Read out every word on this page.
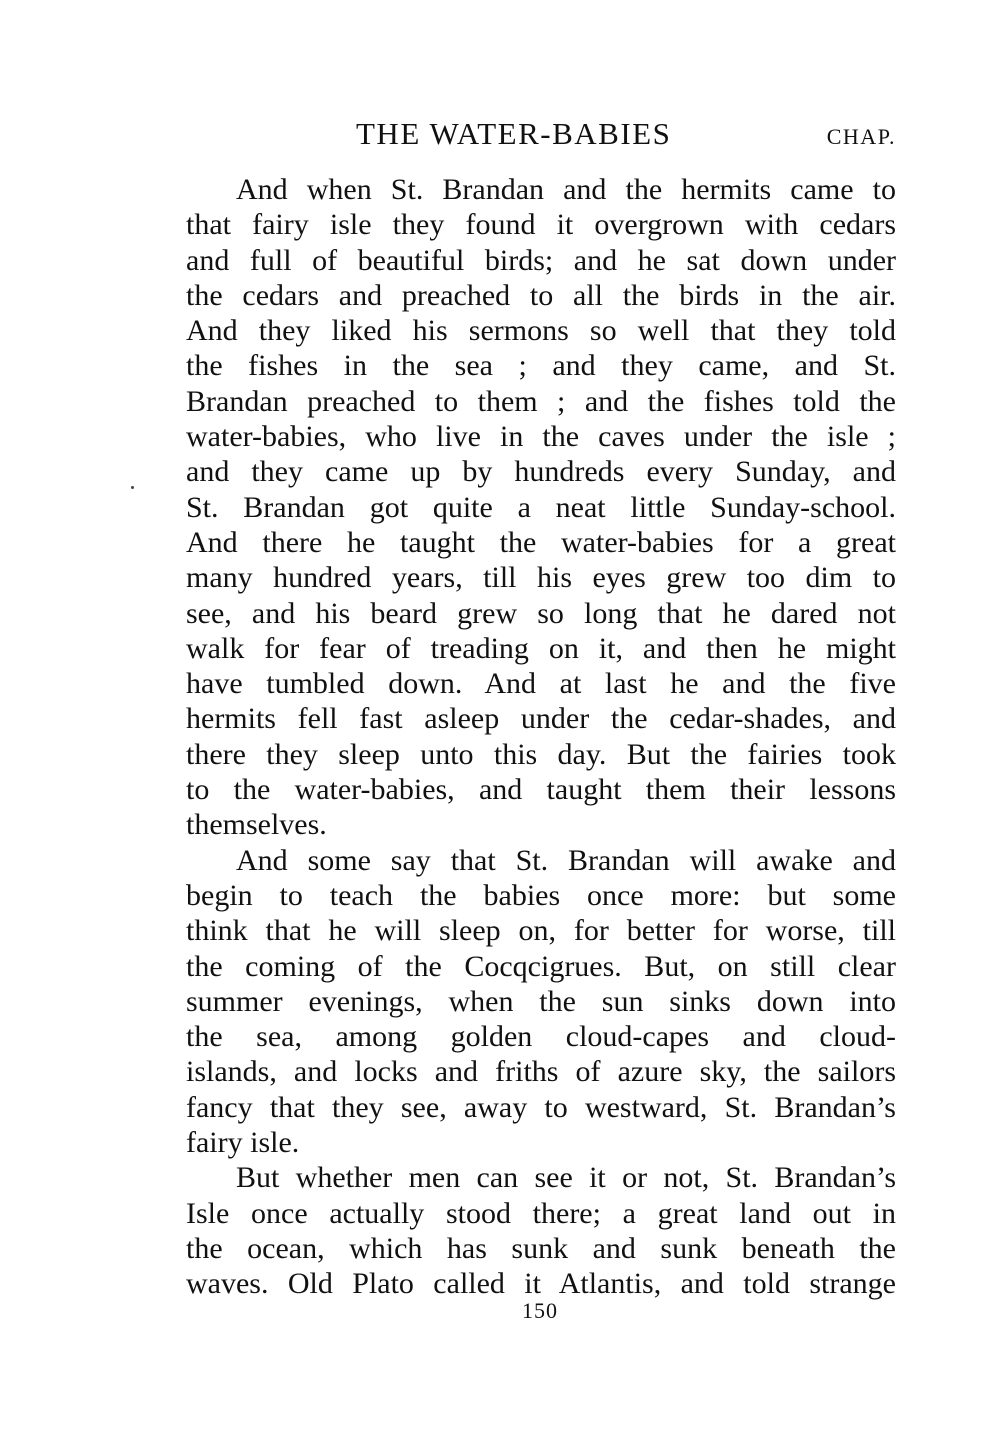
THE WATER-BABIES	CHAP.
And when St. Brandan and the hermits came to
that fairy isle they found it overgrown with cedars
and full of beautiful birds; and he sat down under
the cedars and preached to all the birds in the air.
And they liked his sermons so well that they told
the fishes in the sea ; and they came, and St.
Brandan preached to them ; and the fishes told the
water-babies, who live in the caves under the isle ;
and they came up by hundreds every Sunday, and
St. Brandan got quite a neat little Sunday-school.
And there he taught the water-babies for a great
many hundred years, till his eyes grew too dim to
see, and his beard grew so long that he dared not
walk for fear of treading on it, and then he might
have tumbled down. And at last he and the five
hermits fell fast asleep under the cedar-shades, and
there they sleep unto this day. But the fairies took
to the water-babies, and taught them their lessons
themselves.
And some say that St. Brandan will awake and
begin to teach the babies once more: but some
think that he will sleep on, for better for worse, till
the coming of the Cocqcigrues. But, on still clear
summer evenings, when the sun sinks down into
the sea, among golden cloud-capes and cloud-
islands, and locks and friths of azure sky, the sailors
fancy that they see, away to westward, St. Brandan’s
fairy isle.
But whether men can see it or not, St. Brandan’s
Isle once actually stood there; a great land out in
the ocean, which has sunk and sunk beneath the
waves. Old Plato called it Atlantis, and told strange
150
